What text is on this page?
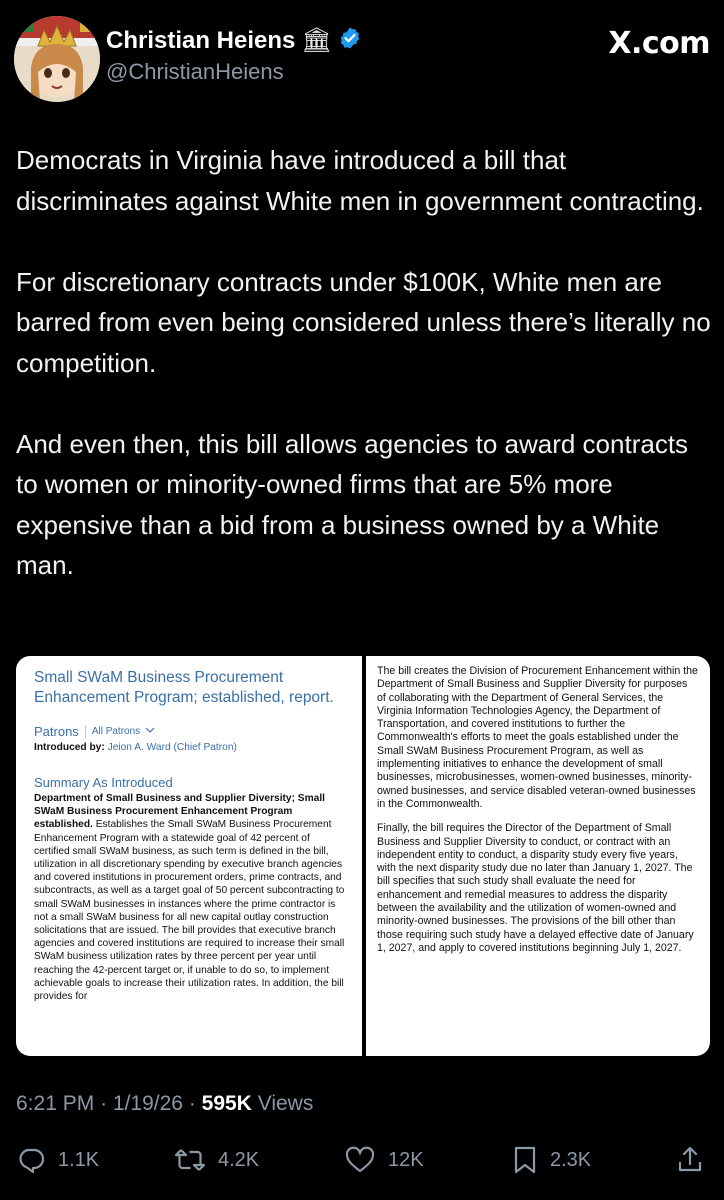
Christian Heiens 🏛
@ChristianHeiens
X.com

Democrats in Virginia have introduced a bill that discriminates against White men in government contracting.

For discretionary contracts under $100K, White men are barred from even being considered unless there’s literally no competition.

And even then, this bill allows agencies to award contracts to women or minority-owned firms that are 5% more expensive than a bid from a business owned by a White man.

Small SWaM Business Procurement Enhancement Program; established, report.
Patrons All Patrons
Introduced by: Jeion A. Ward (Chief Patron)
Summary As Introduced
Department of Small Business and Supplier Diversity; Small SWaM Business Procurement Enhancement Program established. Establishes the Small SWaM Business Procurement Enhancement Program with a statewide goal of 42 percent of certified small SWaM business, as such term is defined in the bill, utilization in all discretionary spending by executive branch agencies and covered institutions in procurement orders, prime contracts, and subcontracts, as well as a target goal of 50 percent subcontracting to small SWaM businesses in instances where the prime contractor is not a small SWaM business for all new capital outlay construction solicitations that are issued. The bill provides that executive branch agencies and covered institutions are required to increase their small SWaM business utilization rates by three percent per year until reaching the 42-percent target or, if unable to do so, to implement achievable goals to increase their utilization rates. In addition, the bill provides for

The bill creates the Division of Procurement Enhancement within the Department of Small Business and Supplier Diversity for purposes of collaborating with the Department of General Services, the Virginia Information Technologies Agency, the Department of Transportation, and covered institutions to further the Commonwealth's efforts to meet the goals established under the Small SWaM Business Procurement Program, as well as implementing initiatives to enhance the development of small businesses, microbusinesses, women-owned businesses, minority-owned businesses, and service disabled veteran-owned businesses in the Commonwealth.

Finally, the bill requires the Director of the Department of Small Business and Supplier Diversity to conduct, or contract with an independent entity to conduct, a disparity study every five years, with the next disparity study due no later than January 1, 2027. The bill specifies that such study shall evaluate the need for enhancement and remedial measures to address the disparity between the availability and the utilization of women-owned and minority-owned businesses. The provisions of the bill other than those requiring such study have a delayed effective date of January 1, 2027, and apply to covered institutions beginning July 1, 2027.

6:21 PM · 1/19/26 · 595K Views
1.1K	4.2K	12K	2.3K
